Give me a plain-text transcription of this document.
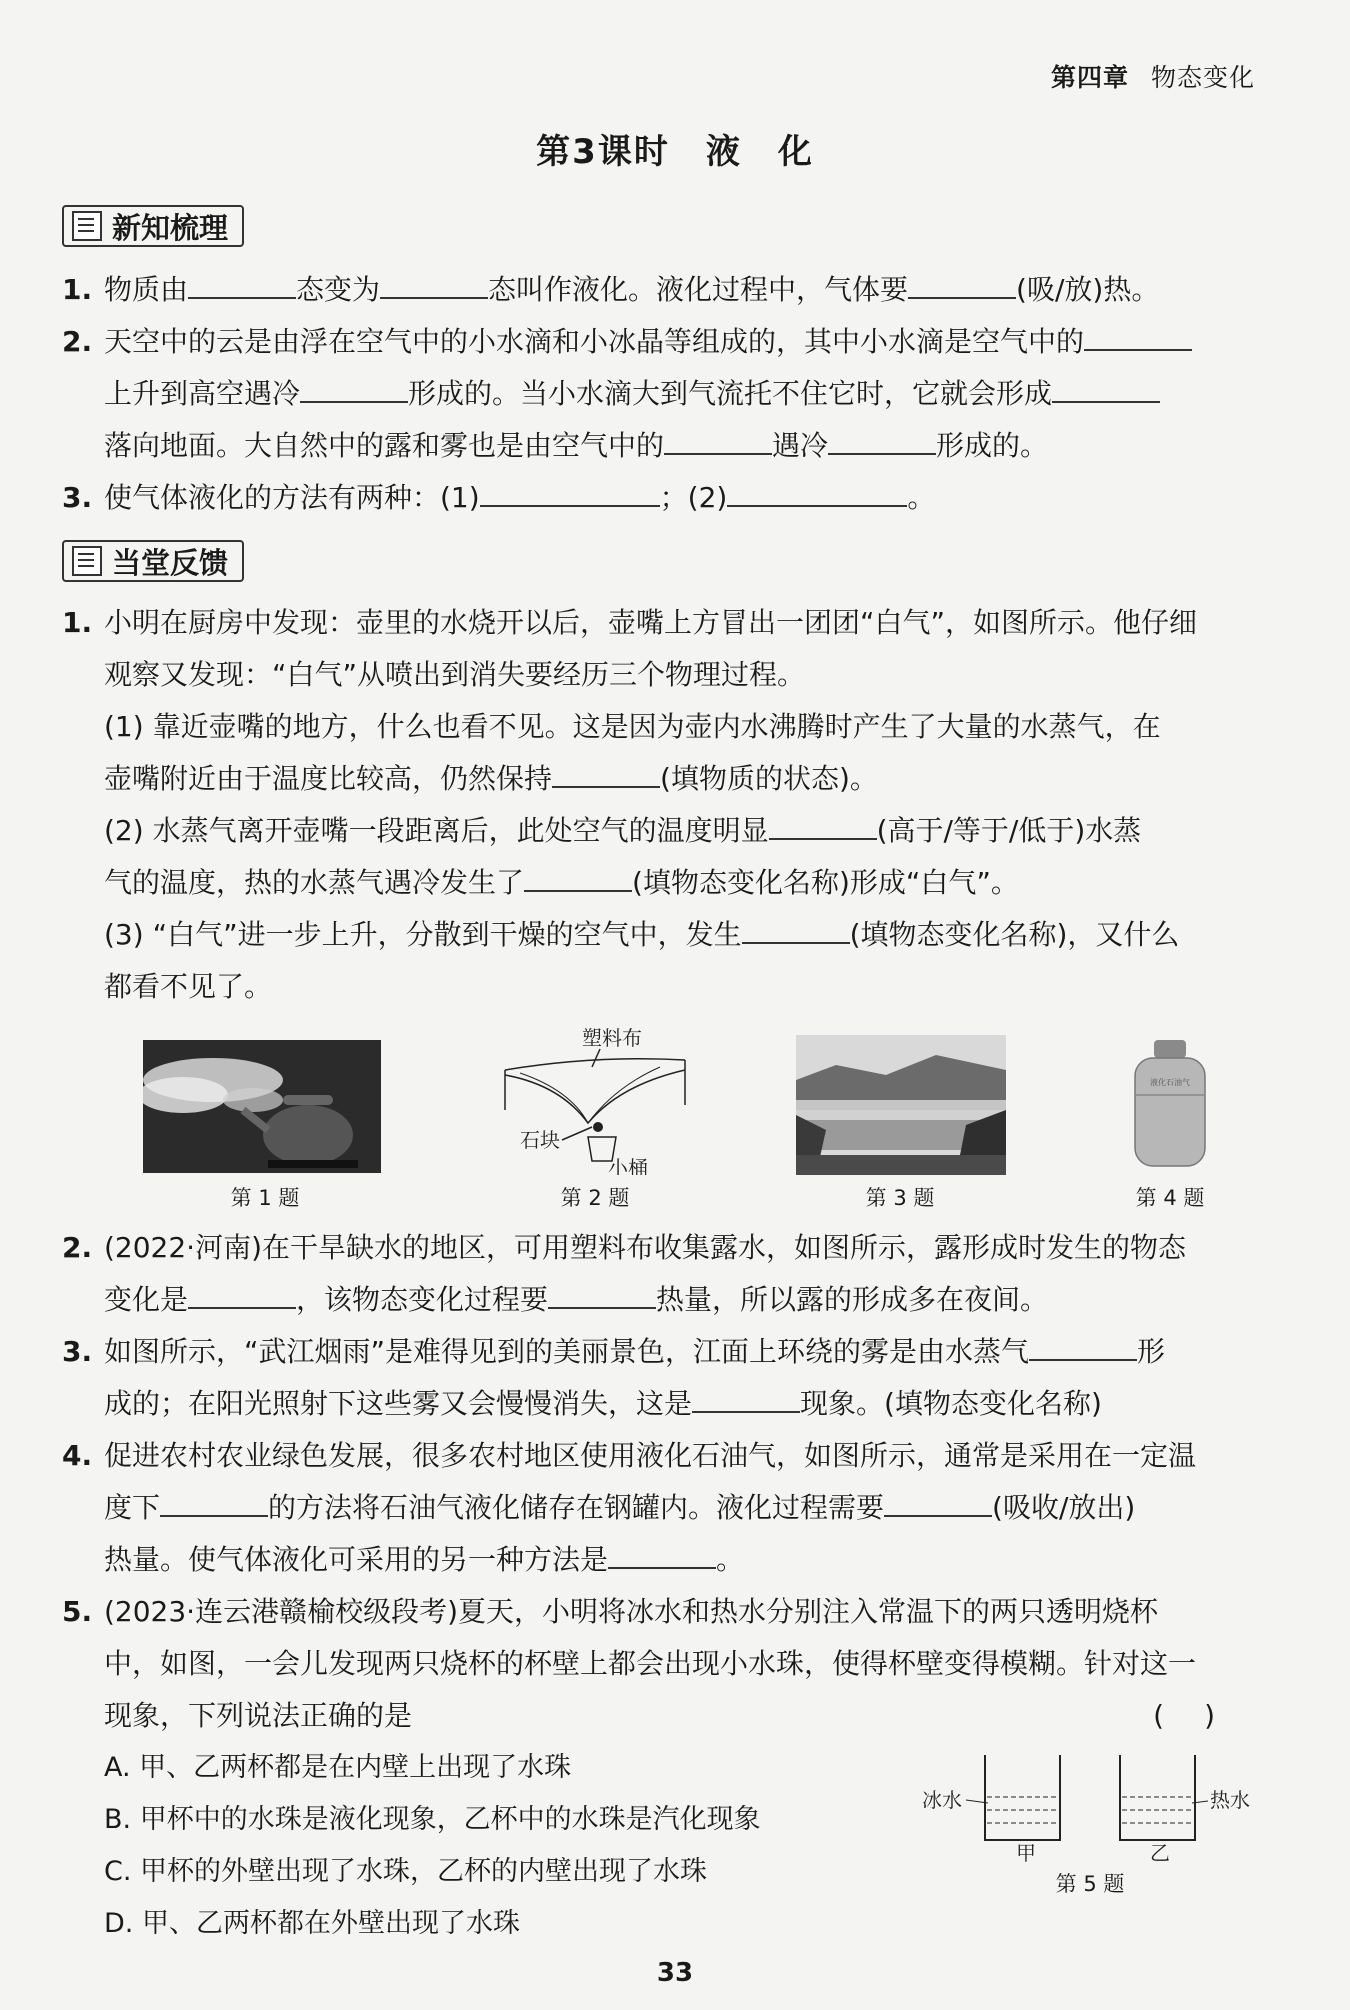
第四章 物态变化
第3课时　液　化
新知梳理
1. 物质由	态变为	态叫作液化。液化过程中，气体要	(吸/放)热。
2. 天空中的云是由浮在空气中的小水滴和小冰晶等组成的，其中小水滴是空气中的
上升到高空遇冷	形成的。当小水滴大到气流托不住它时，它就会形成
落向地面。大自然中的露和雾也是由空气中的	遇冷	形成的。
3. 使气体液化的方法有两种：(1)	；(2)	。
当堂反馈
1. 小明在厨房中发现：壶里的水烧开以后，壶嘴上方冒出一团团“白气”，如图所示。他仔细
观察又发现：“白气”从喷出到消失要经历三个物理过程。
(1) 靠近壶嘴的地方，什么也看不见。这是因为壶内水沸腾时产生了大量的水蒸气，在
壶嘴附近由于温度比较高，仍然保持	(填物质的状态)。
(2) 水蒸气离开壶嘴一段距离后，此处空气的温度明显	(高于/等于/低于)水蒸
气的温度，热的水蒸气遇冷发生了	(填物态变化名称)形成“白气”。
(3) “白气”进一步上升，分散到干燥的空气中，发生	(填物态变化名称)，又什么
都看不见了。
第 1 题
塑料布
石块
小桶
第 2 题	第 3 题
液化石油气
第 4 题
2. (2022·河南)在干旱缺水的地区，可用塑料布收集露水，如图所示，露形成时发生的物态
变化是	，该物态变化过程要	热量，所以露的形成多在夜间。
3. 如图所示，“武江烟雨”是难得见到的美丽景色，江面上环绕的雾是由水蒸气	形
成的；在阳光照射下这些雾又会慢慢消失，这是	现象。(填物态变化名称)
4. 促进农村农业绿色发展，很多农村地区使用液化石油气，如图所示，通常是采用在一定温
度下	的方法将石油气液化储存在钢罐内。液化过程需要	(吸收/放出)
热量。使气体液化可采用的另一种方法是	。
5. (2023·连云港赣榆校级段考)夏天，小明将冰水和热水分别注入常温下的两只透明烧杯
中，如图，一会儿发现两只烧杯的杯壁上都会出现小水珠，使得杯壁变得模糊。针对这一
现象，下列说法正确的是	()
A. 甲、乙两杯都是在内壁上出现了水珠
B. 甲杯中的水珠是液化现象，乙杯中的水珠是汽化现象
C. 甲杯的外壁出现了水珠，乙杯的内壁出现了水珠
D. 甲、乙两杯都在外壁出现了水珠
冰水
甲
热水
乙
第 5 题
33
